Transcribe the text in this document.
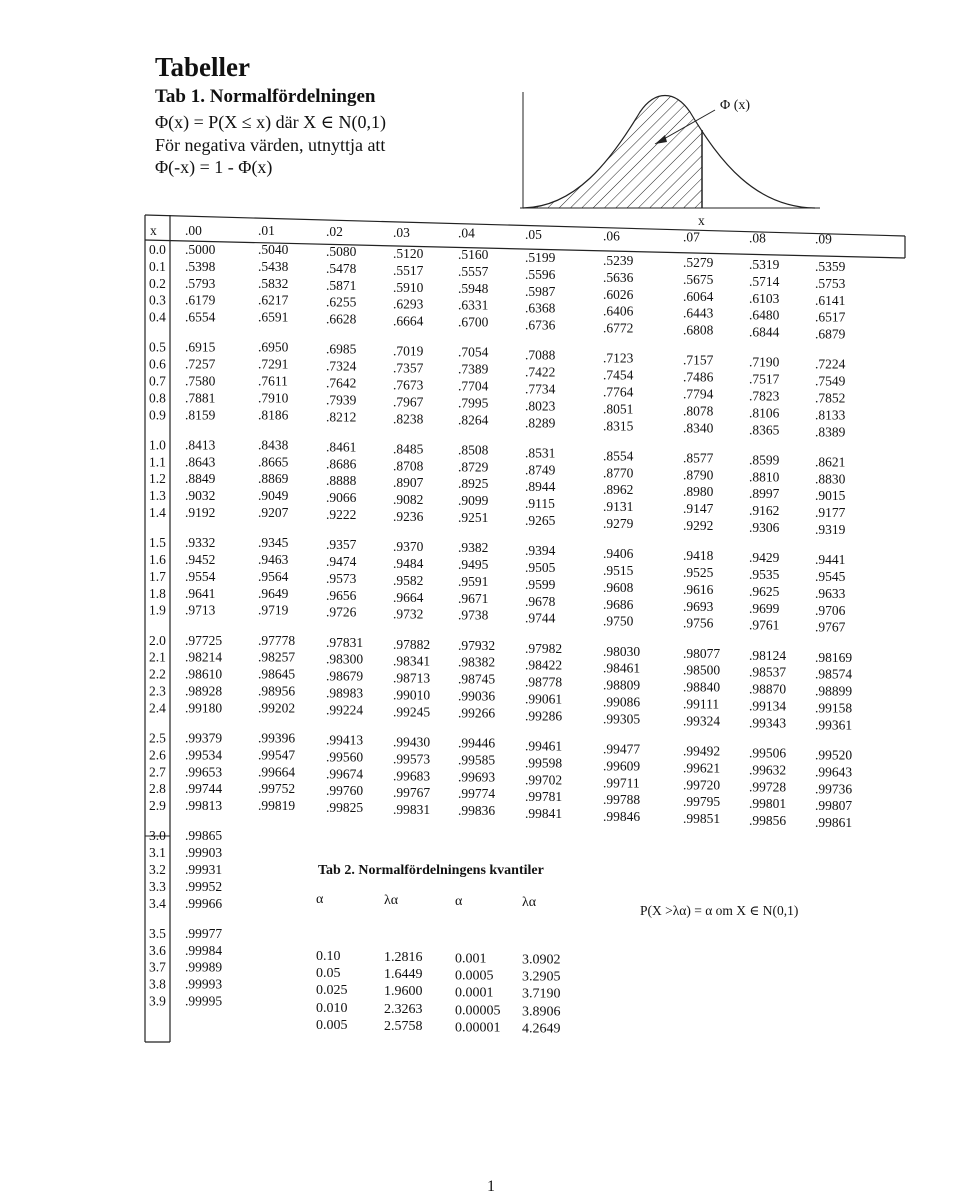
Tabeller
Tab 1. Normalfördelningen
Φ(x) = P(X ≤ x) där X ∈ N(0,1)
För negativa värden, utnyttja att
Φ(-x) = 1 - Φ(x)
Φ (x)
x
x .00	.01	.02	.03	.04	.05	.06	.07	.08	.09
0.0 .5000	.5040	.5080	.5120	.5160	.5199	.5239	.5279	.5319	.5359
0.1 .5398	.5438	.5478	.5517	.5557	.5596	.5636	.5675	.5714	.5753
0.2 .5793	.5832	.5871	.5910	.5948	.5987	.6026	.6064	.6103	.6141
0.3 .6179	.6217	.6255	.6293	.6331	.6368	.6406	.6443	.6480	.6517
0.4 .6554	.6591	.6628	.6664	.6700	.6736	.6772	.6808	.6844	.6879
0.5 .6915	.6950	.6985	.7019	.7054	.7088	.7123	.7157	.7190	.7224
0.6 .7257	.7291	.7324	.7357	.7389	.7422	.7454	.7486	.7517	.7549
0.7 .7580	.7611	.7642	.7673	.7704	.7734	.7764	.7794	.7823	.7852
0.8 .7881	.7910	.7939	.7967	.7995	.8023	.8051	.8078	.8106	.8133
0.9 .8159	.8186	.8212	.8238	.8264	.8289	.8315	.8340	.8365	.8389
1.0 .8413	.8438	.8461	.8485	.8508	.8531	.8554	.8577	.8599	.8621
1.1 .8643	.8665	.8686	.8708	.8729	.8749	.8770	.8790	.8810	.8830
1.2 .8849	.8869	.8888	.8907	.8925	.8944	.8962	.8980	.8997	.9015
1.3 .9032	.9049	.9066	.9082	.9099	.9115	.9131	.9147	.9162	.9177
1.4 .9192	.9207	.9222	.9236	.9251	.9265	.9279	.9292	.9306	.9319
1.5 .9332	.9345	.9357	.9370	.9382	.9394	.9406	.9418	.9429	.9441
1.6 .9452	.9463	.9474	.9484	.9495	.9505	.9515	.9525	.9535	.9545
1.7 .9554	.9564	.9573	.9582	.9591	.9599	.9608	.9616	.9625	.9633
1.8 .9641	.9649	.9656	.9664	.9671	.9678	.9686	.9693	.9699	.9706
1.9 .9713	.9719	.9726	.9732	.9738	.9744	.9750	.9756	.9761	.9767
2.0 .97725	.97778 .97831 .97882 .97932 .97982	.98030	.98077 .98124 .98169
2.1 .98214	.98257 .98300 .98341 .98382 .98422	.98461	.98500 .98537 .98574
2.2 .98610	.98645 .98679 .98713 .98745 .98778	.98809	.98840 .98870 .98899
2.3 .98928	.98956 .98983 .99010 .99036 .99061	.99086	.99111 .99134 .99158
2.4 .99180	.99202 .99224 .99245 .99266 .99286	.99305	.99324 .99343 .99361
2.5 .99379	.99396 .99413 .99430 .99446 .99461	.99477	.99492 .99506 .99520
2.6 .99534	.99547 .99560 .99573 .99585 .99598	.99609	.99621 .99632 .99643
2.7 .99653	.99664 .99674 .99683 .99693 .99702	.99711	.99720 .99728 .99736
2.8 .99744	.99752 .99760 .99767 .99774 .99781	.99788	.99795 .99801 .99807
2.9 .99813	.99819 .99825 .99831 .99836 .99841	.99846	.99851 .99856 .99861
3.0 .99865
3.1 .99903
3.2 .99931
3.3 .99952
3.4 .99966
3.5 .99977
3.6 .99984
3.7 .99989
3.8 .99993
3.9 .99995
Tab 2. Normalfördelningens kvantiler
α	λα	α	λα
0.10	1.2816 0.001	3.0902
0.05	1.6449 0.0005 3.2905
0.025	1.9600 0.0001 3.7190
0.010	2.3263 0.00005 3.8906
0.005	2.5758 0.00001 4.2649
P(X >λα) = α om X ∈ N(0,1)
1
